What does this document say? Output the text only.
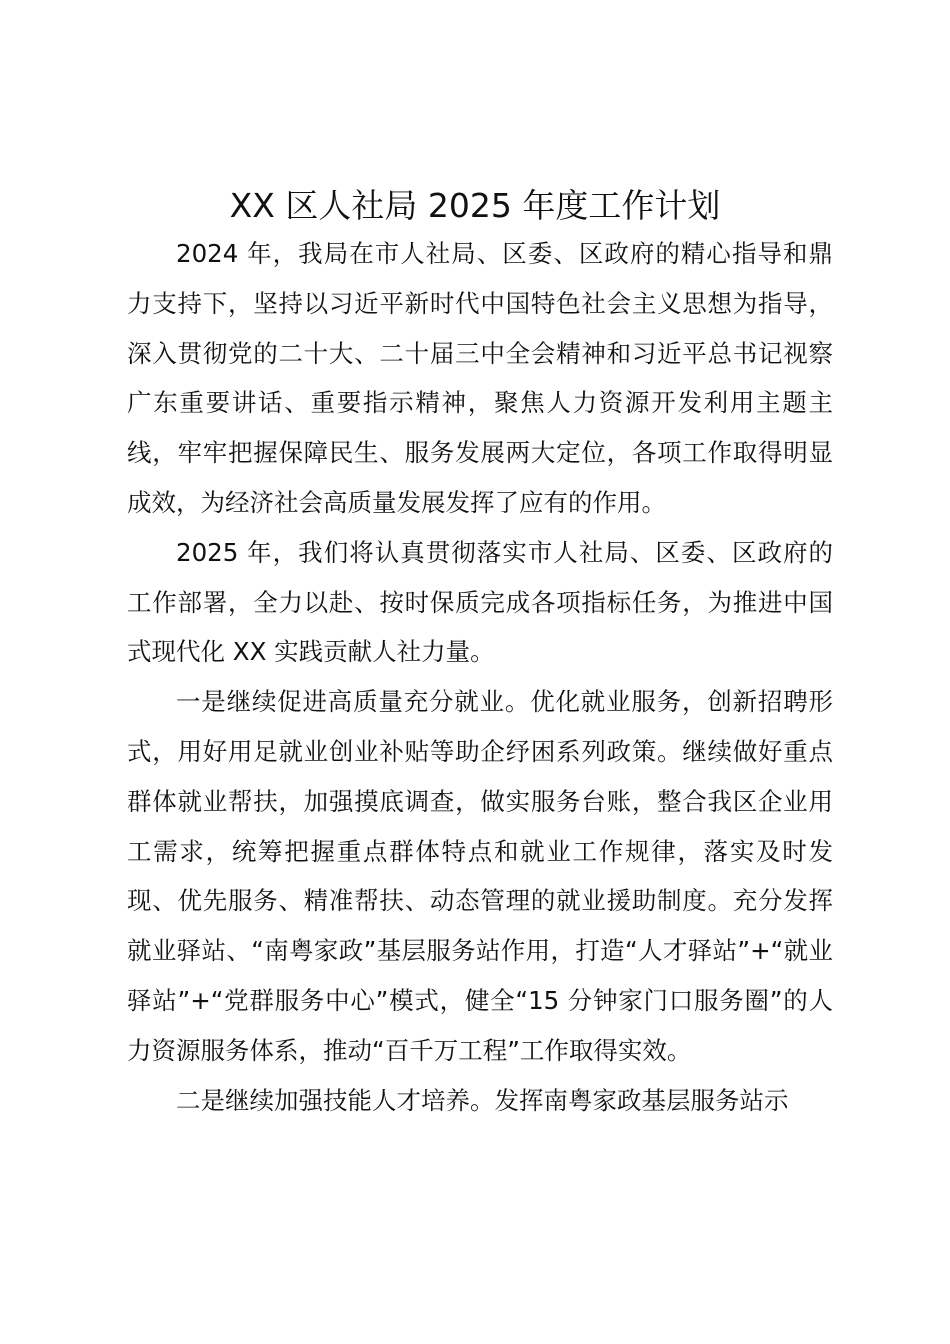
XX 区人社局 2025 年度工作计划

2024 年，我局在市人社局、区委、区政府的精心指导和鼎力支持下，坚持以习近平新时代中国特色社会主义思想为指导，深入贯彻党的二十大、二十届三中全会精神和习近平总书记视察广东重要讲话、重要指示精神，聚焦人力资源开发利用主题主线，牢牢把握保障民生、服务发展两大定位，各项工作取得明显成效，为经济社会高质量发展发挥了应有的作用。

2025 年，我们将认真贯彻落实市人社局、区委、区政府的工作部署，全力以赴、按时保质完成各项指标任务，为推进中国式现代化 XX 实践贡献人社力量。

一是继续促进高质量充分就业。优化就业服务，创新招聘形式，用好用足就业创业补贴等助企纾困系列政策。继续做好重点群体就业帮扶，加强摸底调查，做实服务台账，整合我区企业用工需求，统筹把握重点群体特点和就业工作规律，落实及时发现、优先服务、精准帮扶、动态管理的就业援助制度。充分发挥就业驿站、“南粤家政”基层服务站作用，打造“人才驿站”+“就业驿站”+“党群服务中心”模式，健全“15 分钟家门口服务圈”的人力资源服务体系，推动“百千万工程”工作取得实效。

二是继续加强技能人才培养。发挥南粤家政基层服务站示
